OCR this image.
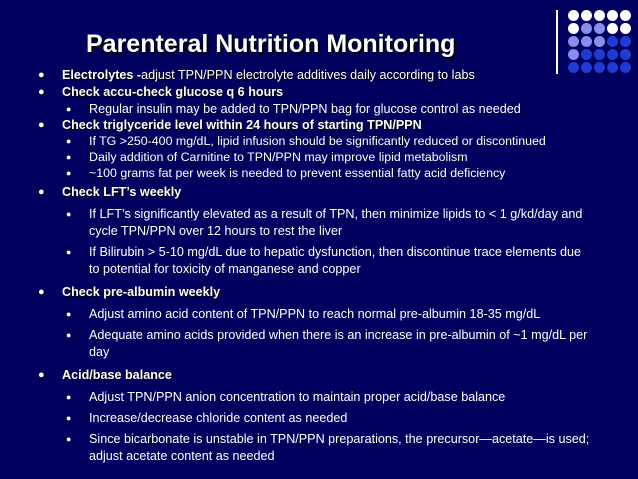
Parenteral Nutrition Monitoring
● Electrolytes -adjust TPN/PPN electrolyte additives daily according to labs
● Check accu-check glucose q 6 hours
● Regular insulin may be added to TPN/PPN bag for glucose control as needed
● Check triglyceride level within 24 hours of starting TPN/PPN
● If TG >250-400 mg/dL, lipid infusion should be significantly reduced or discontinued
● Daily addition of Carnitine to TPN/PPN may improve lipid metabolism
● ~100 grams fat per week is needed to prevent essential fatty acid deficiency
● Check LFT’s weekly
● If LFT’s significantly elevated as a result of TPN, then minimize lipids to < 1 g/kd/day and cycle TPN/PPN over 12 hours to rest the liver
● If Bilirubin > 5-10 mg/dL due to hepatic dysfunction, then discontinue trace elements due to potential for toxicity of manganese and copper
● Check pre-albumin weekly
● Adjust amino acid content of TPN/PPN to reach normal pre-albumin 18-35 mg/dL
● Adequate amino acids provided when there is an increase in pre-albumin of ~1 mg/dL per day
● Acid/base balance
● Adjust TPN/PPN anion concentration to maintain proper acid/base balance
● Increase/decrease chloride content as needed
● Since bicarbonate is unstable in TPN/PPN preparations, the precursor—acetate—is used; adjust acetate content as needed
